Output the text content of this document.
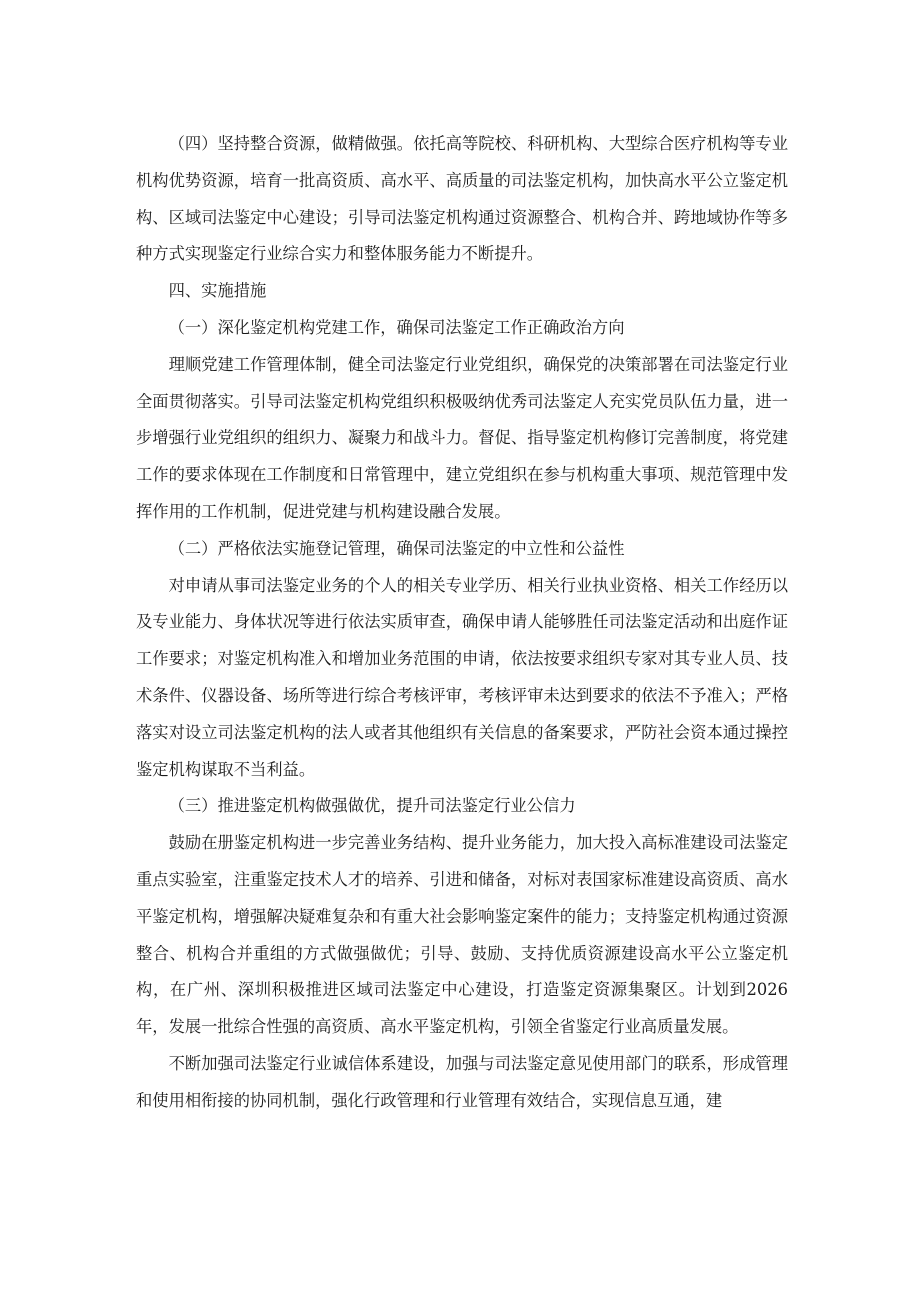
（四）坚持整合资源，做精做强。依托高等院校、科研机构、大型综合医疗机构等专业机构优势资源，培育一批高资质、高水平、高质量的司法鉴定机构，加快高水平公立鉴定机构、区域司法鉴定中心建设；引导司法鉴定机构通过资源整合、机构合并、跨地域协作等多种方式实现鉴定行业综合实力和整体服务能力不断提升。

四、实施措施

（一）深化鉴定机构党建工作，确保司法鉴定工作正确政治方向

理顺党建工作管理体制，健全司法鉴定行业党组织，确保党的决策部署在司法鉴定行业全面贯彻落实。引导司法鉴定机构党组织积极吸纳优秀司法鉴定人充实党员队伍力量，进一步增强行业党组织的组织力、凝聚力和战斗力。督促、指导鉴定机构修订完善制度，将党建工作的要求体现在工作制度和日常管理中，建立党组织在参与机构重大事项、规范管理中发挥作用的工作机制，促进党建与机构建设融合发展。

（二）严格依法实施登记管理，确保司法鉴定的中立性和公益性

对申请从事司法鉴定业务的个人的相关专业学历、相关行业执业资格、相关工作经历以及专业能力、身体状况等进行依法实质审查，确保申请人能够胜任司法鉴定活动和出庭作证工作要求；对鉴定机构准入和增加业务范围的申请，依法按要求组织专家对其专业人员、技术条件、仪器设备、场所等进行综合考核评审，考核评审未达到要求的依法不予准入；严格落实对设立司法鉴定机构的法人或者其他组织有关信息的备案要求，严防社会资本通过操控鉴定机构谋取不当利益。

（三）推进鉴定机构做强做优，提升司法鉴定行业公信力

鼓励在册鉴定机构进一步完善业务结构、提升业务能力，加大投入高标准建设司法鉴定重点实验室，注重鉴定技术人才的培养、引进和储备，对标对表国家标准建设高资质、高水平鉴定机构，增强解决疑难复杂和有重大社会影响鉴定案件的能力；支持鉴定机构通过资源整合、机构合并重组的方式做强做优；引导、鼓励、支持优质资源建设高水平公立鉴定机构，在广州、深圳积极推进区域司法鉴定中心建设，打造鉴定资源集聚区。计划到2026年，发展一批综合性强的高资质、高水平鉴定机构，引领全省鉴定行业高质量发展。

不断加强司法鉴定行业诚信体系建设，加强与司法鉴定意见使用部门的联系，形成管理和使用相衔接的协同机制，强化行政管理和行业管理有效结合，实现信息互通，建
